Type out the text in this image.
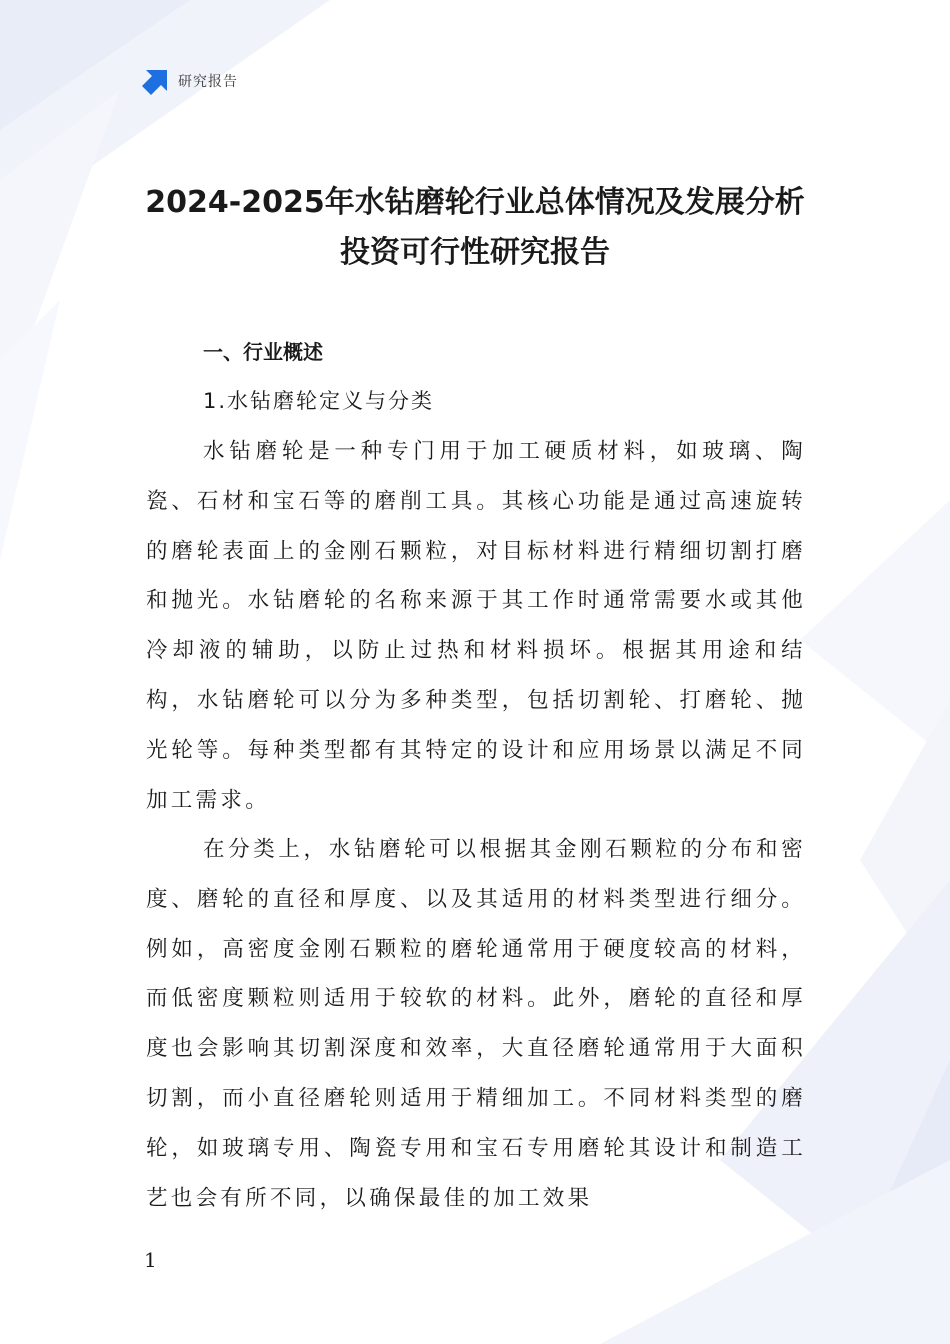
研究报告
2024-2025年水钻磨轮行业总体情况及发展分析
投资可行性研究报告
一、行业概述
1.水钻磨轮定义与分类

水钻磨轮是一种专门用于加工硬质材料，如玻璃、陶瓷、石材和宝石等的磨削工具。其核心功能是通过高速旋转的磨轮表面上的金刚石颗粒，对目标材料进行精细切割打磨和抛光。水钻磨轮的名称来源于其工作时通常需要水或其他冷却液的辅助，以防止过热和材料损坏。根据其用途和结构，水钻磨轮可以分为多种类型，包括切割轮、打磨轮、抛光轮等。每种类型都有其特定的设计和应用场景以满足不同加工需求。

在分类上，水钻磨轮可以根据其金刚石颗粒的分布和密度、磨轮的直径和厚度、以及其适用的材料类型进行细分。例如，高密度金刚石颗粒的磨轮通常用于硬度较高的材料，而低密度颗粒则适用于较软的材料。此外，磨轮的直径和厚度也会影响其切割深度和效率，大直径磨轮通常用于大面积切割，而小直径磨轮则适用于精细加工。不同材料类型的磨轮，如玻璃专用、陶瓷专用和宝石专用磨轮其设计和制造工艺也会有所不同，以确保最佳的加工效果

1
